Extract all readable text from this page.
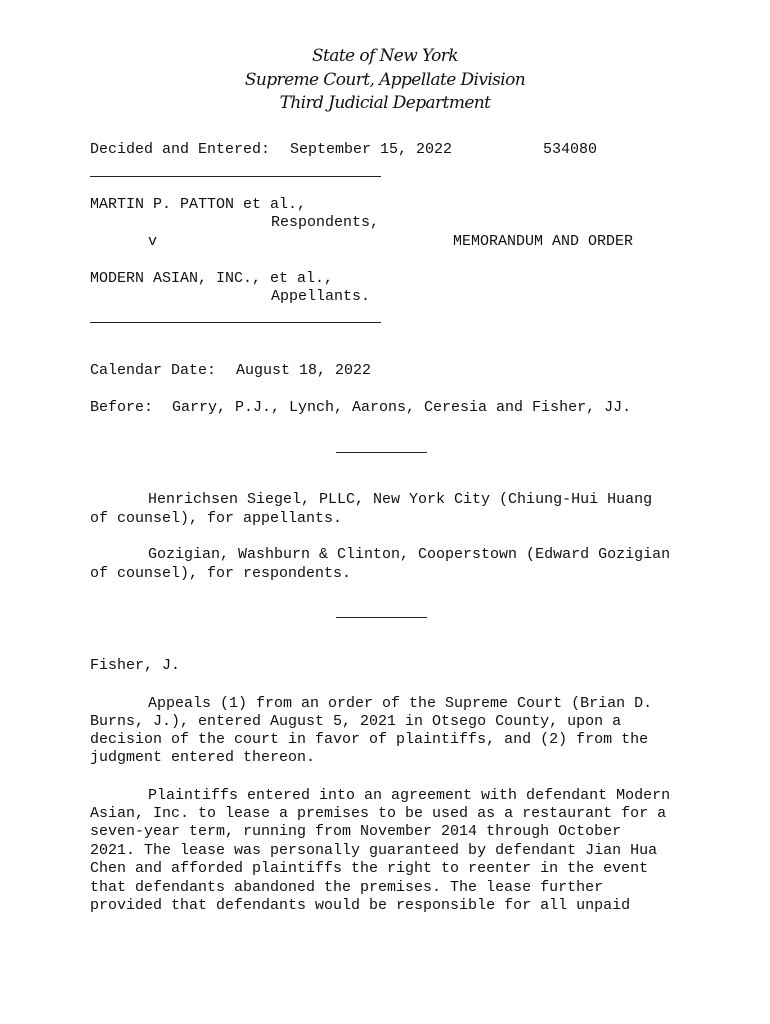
State of New York
Supreme Court, Appellate Division
Third Judicial Department
Decided and Entered: September 15, 2022	534080
MARTIN P. PATTON et al.,
Respondents,
v	MEMORANDUM AND ORDER
MODERN ASIAN, INC., et al.,
Appellants.
Calendar Date: August 18, 2022
Before: Garry, P.J., Lynch, Aarons, Ceresia and Fisher, JJ.
Henrichsen Siegel, PLLC, New York City (Chiung-Hui Huang
of counsel), for appellants.
Gozigian, Washburn & Clinton, Cooperstown (Edward Gozigian
of counsel), for respondents.
Fisher, J.
Appeals (1) from an order of the Supreme Court (Brian D.
Burns, J.), entered August 5, 2021 in Otsego County, upon a
decision of the court in favor of plaintiffs, and (2) from the
judgment entered thereon.
Plaintiffs entered into an agreement with defendant Modern
Asian, Inc. to lease a premises to be used as a restaurant for a
seven-year term, running from November 2014 through October
2021. The lease was personally guaranteed by defendant Jian Hua
Chen and afforded plaintiffs the right to reenter in the event
that defendants abandoned the premises. The lease further
provided that defendants would be responsible for all unpaid
